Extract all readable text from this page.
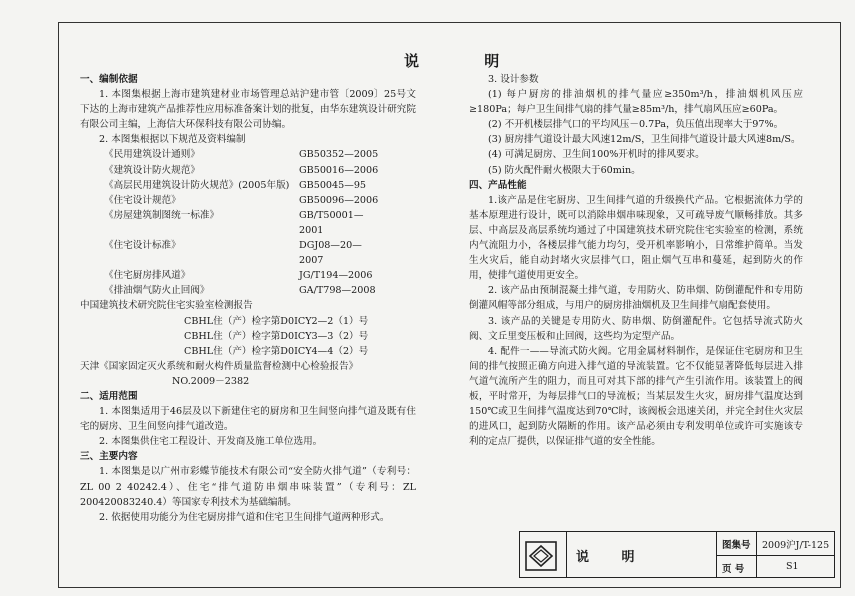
说 明
一、编制依据

1. 本图集根据上海市建筑建材业市场管理总站沪建市管〔2009〕25号文下达的上海市建筑产品推荐性应用标准备案计划的批复，由华东建筑设计研究院有限公司主编，上海信大环保科技有限公司协编。

2. 本图集根据以下规范及资料编制

《民用建筑设计通则》	GB50352—2005
《建筑设计防火规范》	GB50016—2006
《高层民用建筑设计防火规范》(2005年版) GB50045—95
《住宅设计规范》	GB50096—2006
《房屋建筑制图统一标准》	GB/T50001—2001
《住宅设计标准》	DGJ08—20—2007
《住宅厨房排风道》	JG/T194—2006
《排油烟气防火止回阀》	GA/T798—2008
中国建筑技术研究院住宅实验室检测报告
CBHL住（产）检字第D0ICY2—2（1）号
CBHL住（产）检字第D0ICY3—3（2）号
CBHL住（产）检字第D0ICY4—4（2）号
天津《国家固定灭火系统和耐火构件质量监督检测中心检验报告》
NO.2009－2382
二、适用范围

1. 本图集适用于46层及以下新建住宅的厨房和卫生间竖向排气道及既有住宅的厨房、卫生间竖向排气道改造。

2. 本图集供住宅工程设计、开发商及施工单位选用。

三、主要内容

1. 本图集是以广州市彩蝶节能技术有限公司“安全防火排气道”（专利号：ZL 00 2 40242.4）、住宅“排气道防串烟串味装置”（专利号：ZL 200420083240.4）等国家专利技术为基础编制。

2. 依据使用功能分为住宅厨房排气道和住宅卫生间排气道两种形式。

3. 设计参数

(1) 每户厨房的排油烟机的排气量应≥350m³/h，排油烟机风压应≥180Pa；每户卫生间排气扇的排气量≥85m³/h，排气扇风压应≥60Pa。

(2) 不开机楼层排气口的平均风压－0.7Pa，负压值出现率大于97%。

(3) 厨房排气道设计最大风速12m/S，卫生间排气道设计最大风速8m/S。

(4) 可满足厨房、卫生间100%开机时的排风要求。

(5) 防火配件耐火极限大于60min。

四、产品性能

1.该产品是住宅厨房、卫生间排气道的升级换代产品。它根据流体力学的基本原理进行设计，既可以消除串烟串味现象，又可疏导废气顺畅排放。其多层、中高层及高层系统均通过了中国建筑技术研究院住宅实验室的检测，系统内气流阻力小，各楼层排气能力均匀，受开机率影响小，日常维护简单。当发生火灾后，能自动封堵火灾层排气口，阻止烟气互串和蔓延，起到防火的作用，使排气道使用更安全。

2. 该产品由预制混凝土排气道，专用防火、防串烟、防倒灌配件和专用防倒灌风帽等部分组成，与用户的厨房排油烟机及卫生间排气扇配套使用。

3. 该产品的关键是专用防火、防串烟、防倒灌配件。它包括导流式防火阀、文丘里变压板和止回阀，这些均为定型产品。

4. 配件一——导流式防火阀。它用金属材料制作，是保证住宅厨房和卫生间的排气按照正确方向进入排气道的导流装置。它不仅能显著降低每层进入排气道气流所产生的阻力，而且可对其下部的排气产生引流作用。该装置上的阀板，平时常开，为每层排气口的导流板；当某层发生火灾，厨房排气温度达到150℃或卫生间排气温度达到70℃时，该阀板会迅速关闭，并完全封住火灾层的进风口，起到防火隔断的作用。该产品必须由专利发明单位或许可实施该专利的定点厂提供，以保证排气道的安全性能。

说 明
图集号 2009沪J/T-125
页 号	S1
